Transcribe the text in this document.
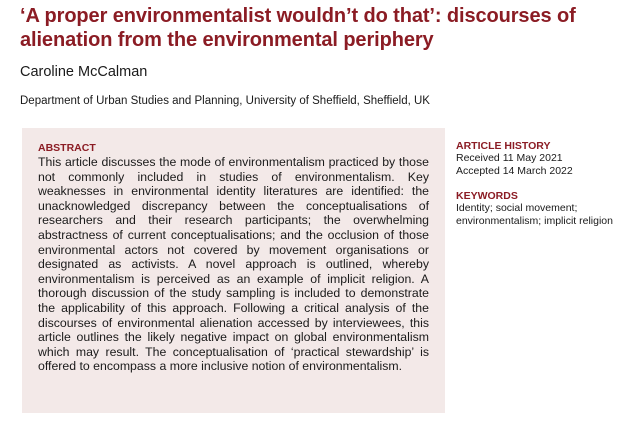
‘A proper environmentalist wouldn’t do that’: discourses of alienation from the environmental periphery
Caroline McCalman
Department of Urban Studies and Planning, University of Sheffield, Sheffield, UK
ABSTRACT

This article discusses the mode of environmentalism practiced by those not commonly included in studies of environmentalism. Key weaknesses in environmental identity literatures are identified: the unacknowledged discrepancy between the conceptualisations of researchers and their research participants; the overwhelming abstractness of current conceptualisations; and the occlusion of those environmental actors not covered by movement organisations or designated as activists. A novel approach is outlined, whereby environmentalism is perceived as an example of implicit religion. A thorough discussion of the study sampling is included to demonstrate the applicability of this approach. Following a critical analysis of the discourses of environmental alienation accessed by interviewees, this article outlines the likely negative impact on global environmentalism which may result. The conceptualisation of ‘practical stewardship’ is offered to encompass a more inclusive notion of environmentalism.

ARTICLE HISTORY
Received 11 May 2021
Accepted 14 March 2022
KEYWORDS
Identity; social movement; environmentalism; implicit religion
